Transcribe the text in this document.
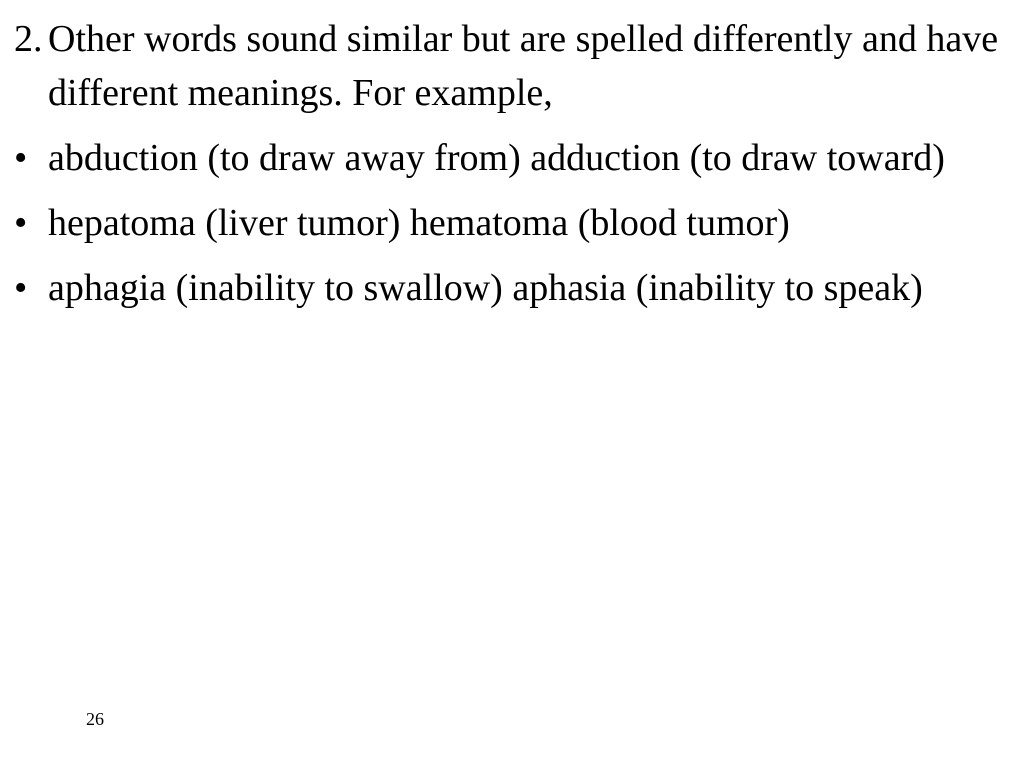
2. Other words sound similar but are spelled differently and have different meanings. For example,

• abduction (to draw away from) adduction (to draw toward)

• hepatoma (liver tumor) hematoma (blood tumor)

• aphagia (inability to swallow) aphasia (inability to speak)

26
